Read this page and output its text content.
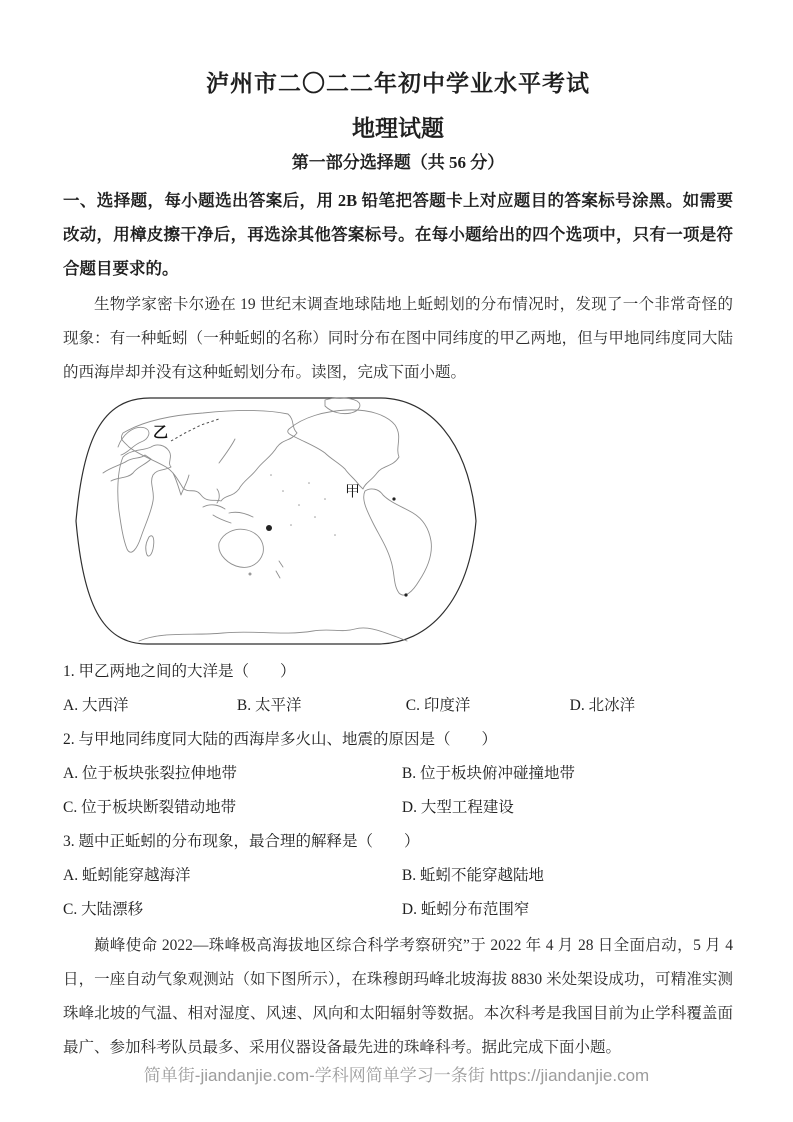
泸州市二〇二二年初中学业水平考试
地理试题
第一部分选择题（共 56 分）

一、选择题，每小题选出答案后，用 2B 铅笔把答题卡上对应题目的答案标号涂黑。如需要改动，用樟皮擦干净后，再选涂其他答案标号。在每小题给出的四个选项中，只有一项是符合题目要求的。

生物学家密卡尔逊在 19 世纪末调查地球陆地上蚯蚓划的分布情况时，发现了一个非常奇怪的现象：有一种蚯蚓（一种蚯蚓的名称）同时分布在图中同纬度的甲乙两地，但与甲地同纬度同大陆的西海岸却并没有这种蚯蚓划分布。读图，完成下面小题。

乙
甲
1. 甲乙两地之间的大洋是（　　）
A. 大西洋	B. 太平洋	C. 印度洋	D. 北冰洋
2. 与甲地同纬度同大陆的西海岸多火山、地震的原因是（　　）
A. 位于板块张裂拉伸地带	B. 位于板块俯冲碰撞地带
C. 位于板块断裂错动地带	D. 大型工程建设
3. 题中正蚯蚓的分布现象，最合理的解释是（　　）
A. 蚯蚓能穿越海洋	B. 蚯蚓不能穿越陆地
C. 大陆漂移	D. 蚯蚓分布范围窄

巅峰使命 2022—珠峰极高海拔地区综合科学考察研究”于 2022 年 4 月 28 日全面启动，5 月 4 日，一座自动气象观测站（如下图所示），在珠穆朗玛峰北坡海拔 8830 米处架设成功，可精准实测珠峰北坡的气温、相对湿度、风速、风向和太阳辐射等数据。本次科考是我国目前为止学科覆盖面最广、参加科考队员最多、采用仪器设备最先进的珠峰科考。据此完成下面小题。

简单街-jiandanjie.com-学科网简单学习一条街 https://jiandanjie.com
